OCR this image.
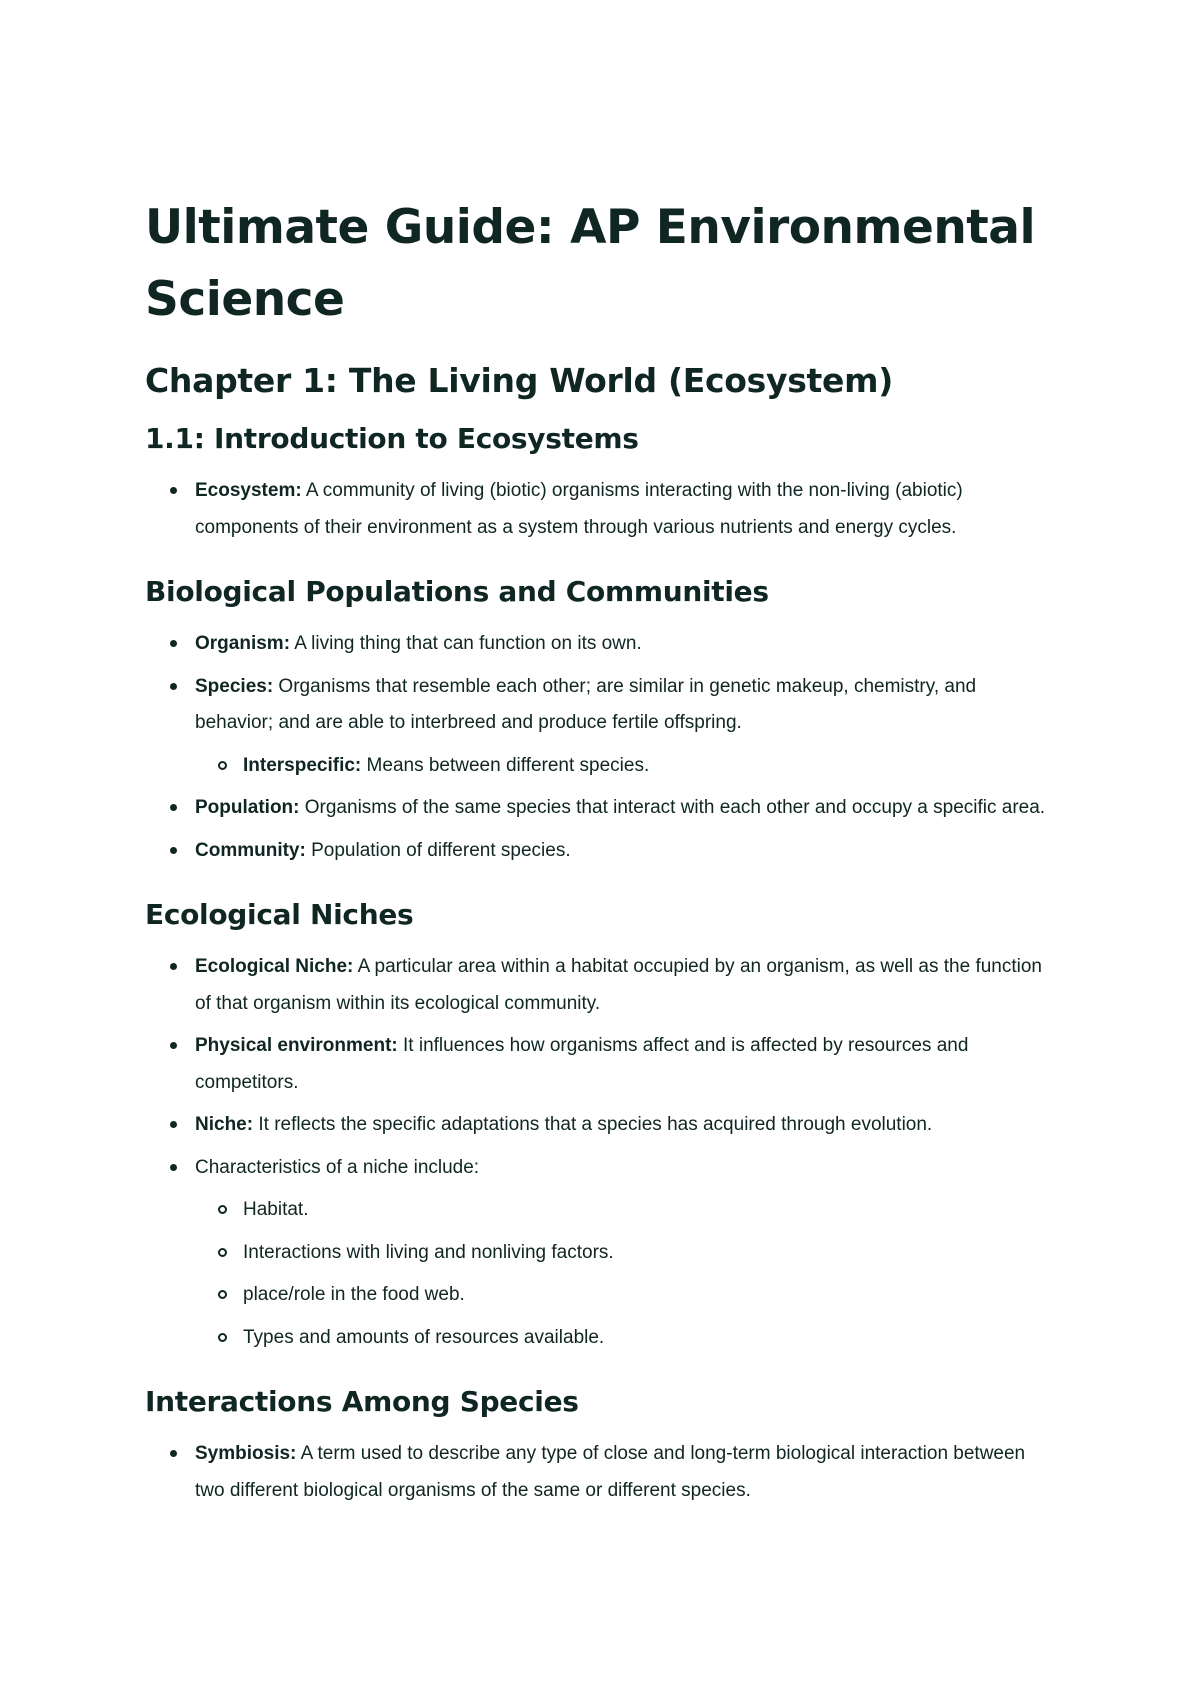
Ultimate Guide: AP Environmental Science
Chapter 1: The Living World (Ecosystem)
1.1: Introduction to Ecosystems
Ecosystem: A community of living (biotic) organisms interacting with the non-living (abiotic) components of their environment as a system through various nutrients and energy cycles.
Biological Populations and Communities
Organism: A living thing that can function on its own.
Species: Organisms that resemble each other; are similar in genetic makeup, chemistry, and behavior; and are able to interbreed and produce fertile offspring.
Interspecific: Means between different species.
Population: Organisms of the same species that interact with each other and occupy a specific area.
Community: Population of different species.
Ecological Niches
Ecological Niche: A particular area within a habitat occupied by an organism, as well as the function of that organism within its ecological community.
Physical environment: It influences how organisms affect and is affected by resources and competitors.
Niche: It reflects the specific adaptations that a species has acquired through evolution.
Characteristics of a niche include:
Habitat.
Interactions with living and nonliving factors.
place/role in the food web.
Types and amounts of resources available.
Interactions Among Species
Symbiosis: A term used to describe any type of close and long-term biological interaction between two different biological organisms of the same or different species.
